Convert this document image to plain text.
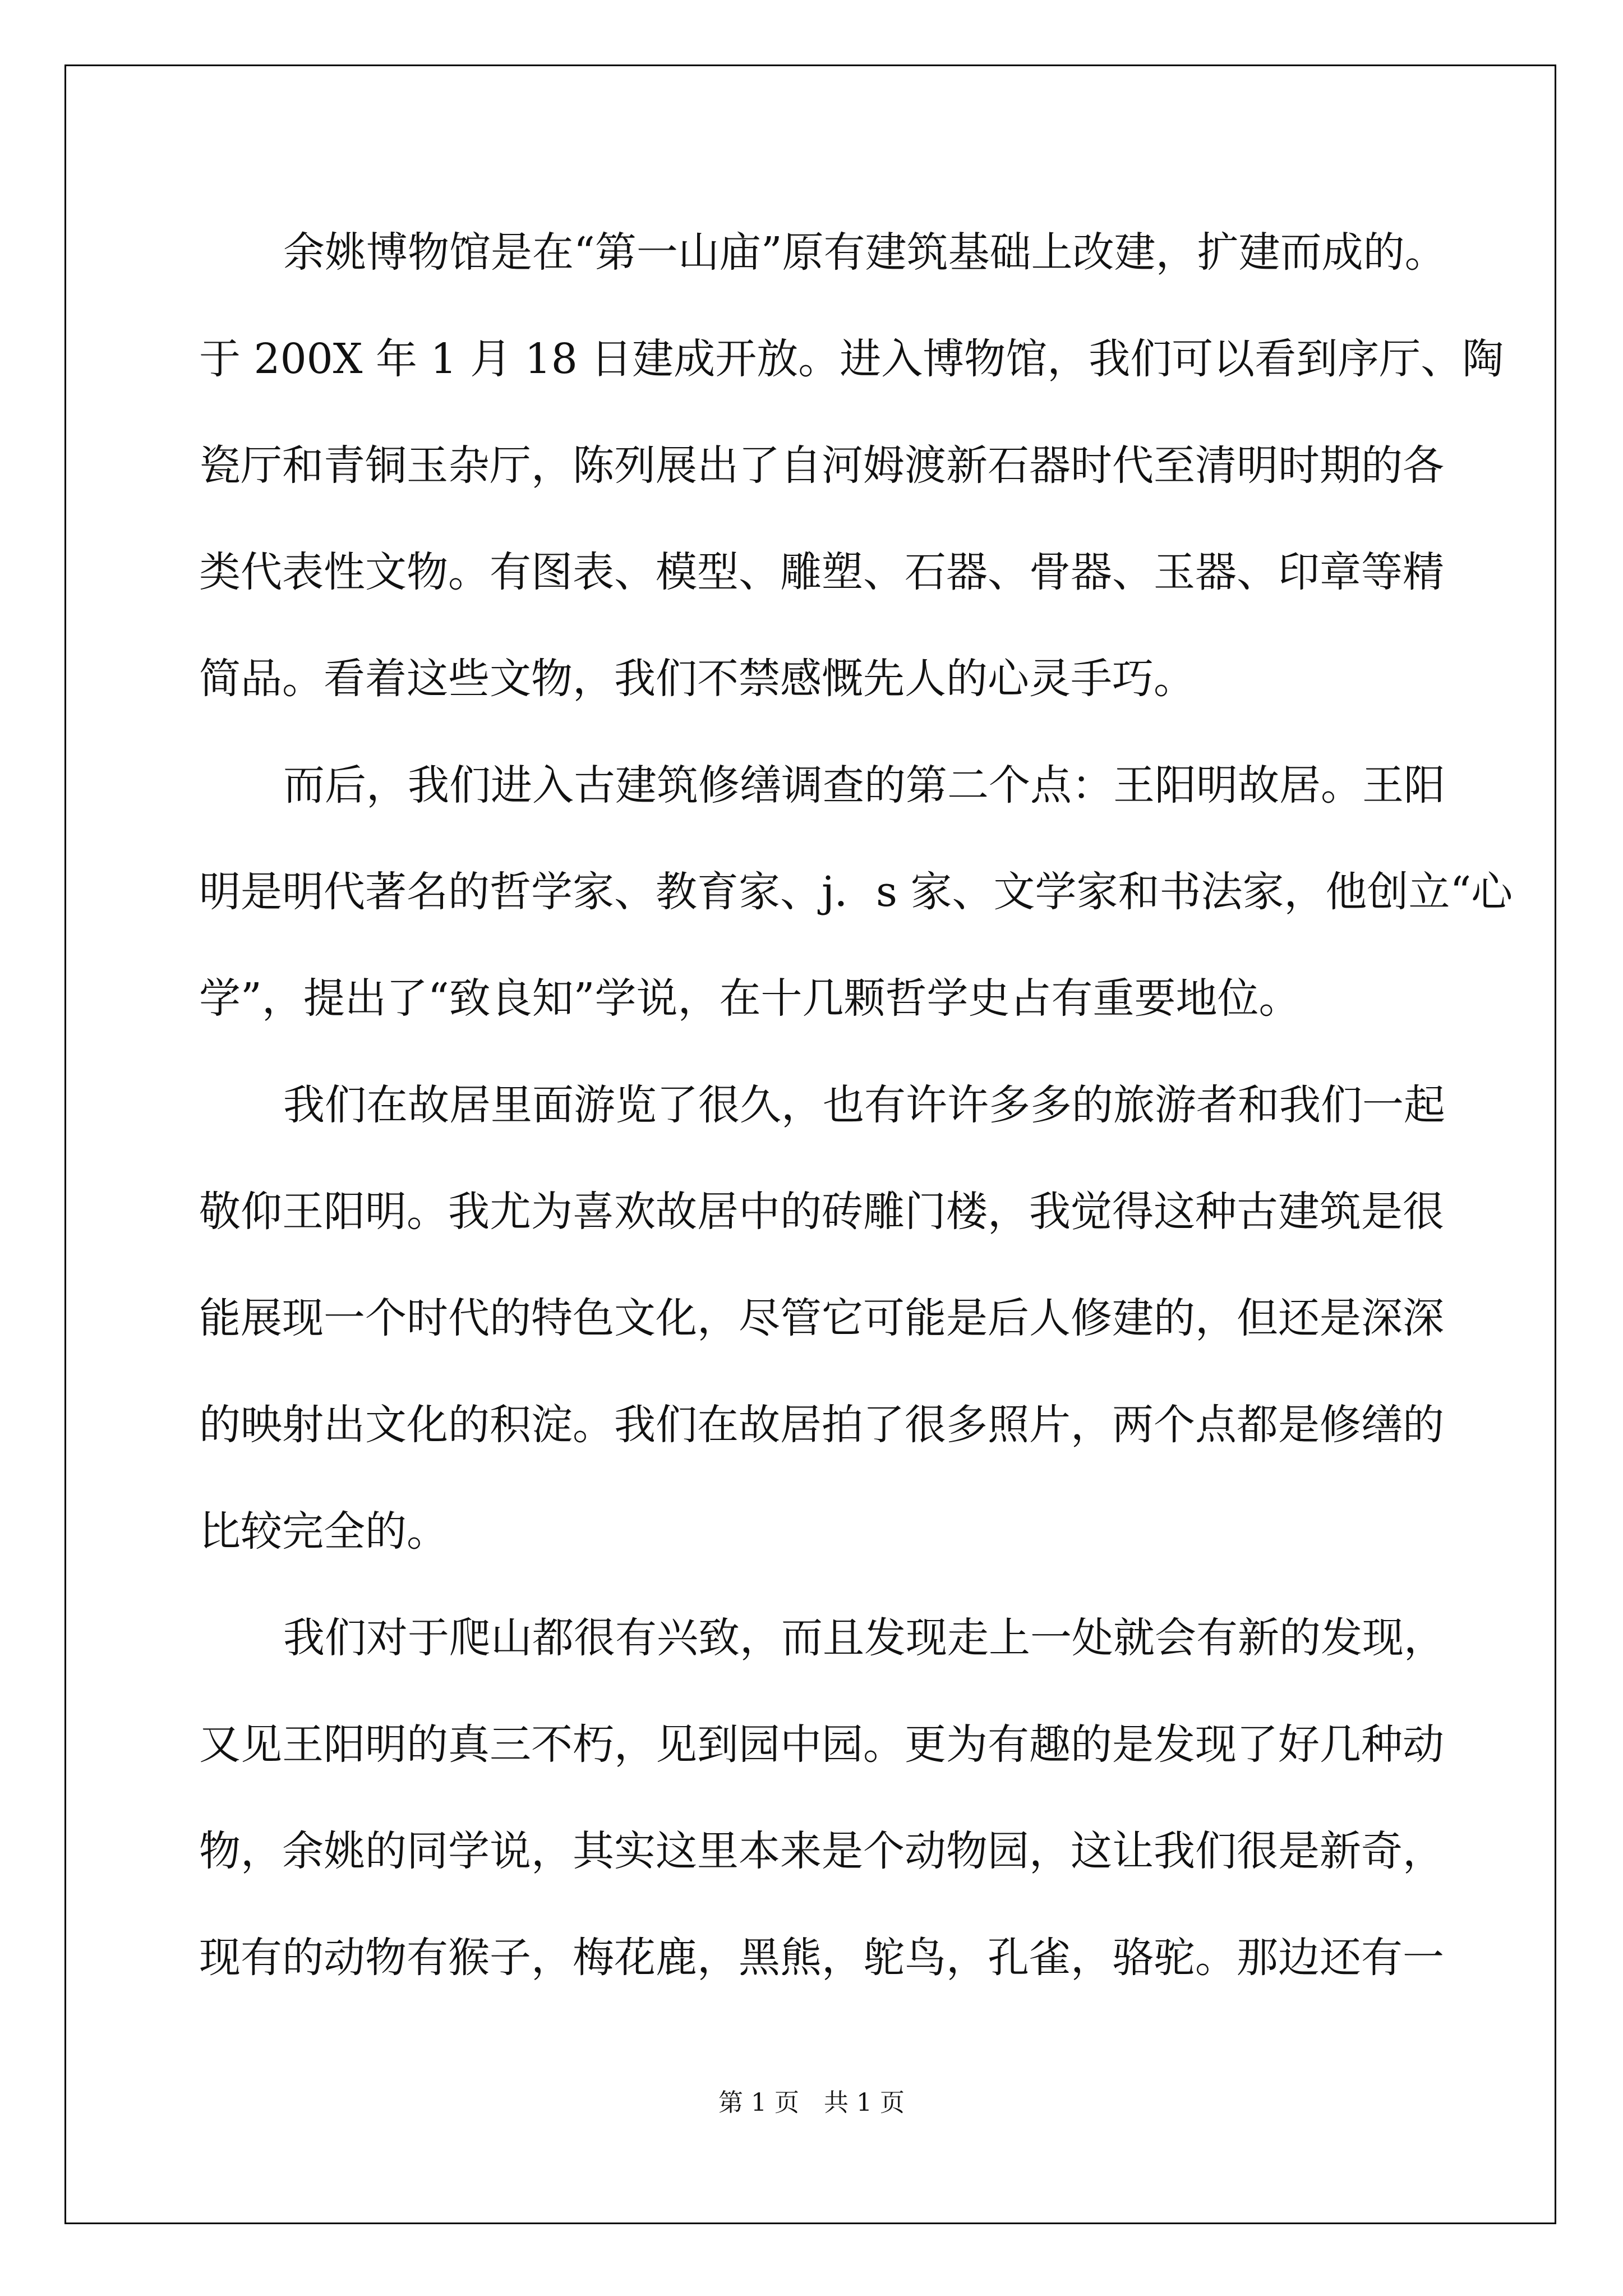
余姚博物馆是在“第一山庙”原有建筑基础上改建，扩建而成的。
于 200X 年 1 月 18 日建成开放。进入博物馆，我们可以看到序厅、陶
瓷厅和青铜玉杂厅，陈列展出了自河姆渡新石器时代至清明时期的各
类代表性文物。有图表、模型、雕塑、石器、骨器、玉器、印章等精
简品。看着这些文物，我们不禁感慨先人的心灵手巧。
而后，我们进入古建筑修缮调查的第二个点：王阳明故居。王阳
明是明代著名的哲学家、教育家、j．s 家、文学家和书法家，他创立“心
学”，提出了“致良知”学说，在十几颗哲学史占有重要地位。
我们在故居里面游览了很久，也有许许多多的旅游者和我们一起
敬仰王阳明。我尤为喜欢故居中的砖雕门楼，我觉得这种古建筑是很
能展现一个时代的特色文化，尽管它可能是后人修建的，但还是深深
的映射出文化的积淀。我们在故居拍了很多照片，两个点都是修缮的
比较完全的。
我们对于爬山都很有兴致，而且发现走上一处就会有新的发现，
又见王阳明的真三不朽，见到园中园。更为有趣的是发现了好几种动
物，余姚的同学说，其实这里本来是个动物园，这让我们很是新奇，
现有的动物有猴子，梅花鹿，黑熊，鸵鸟，孔雀，骆驼。那边还有一
第 1 页　共 1 页
